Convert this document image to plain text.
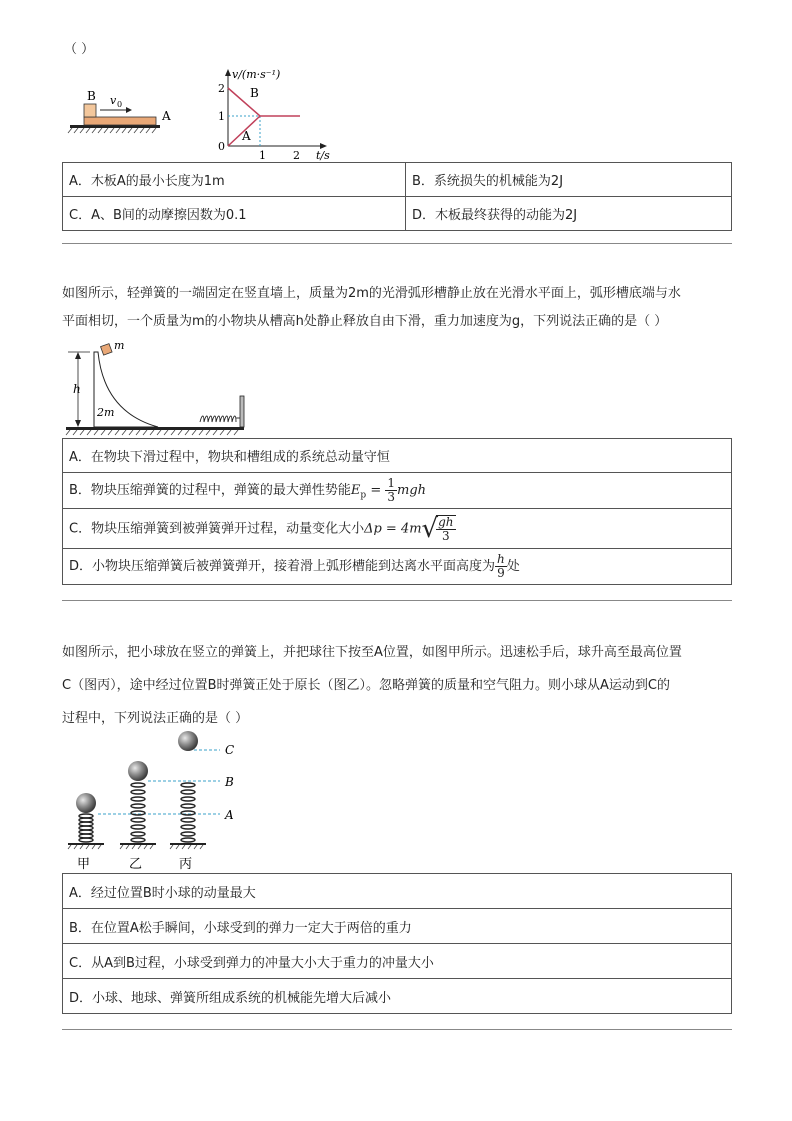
（ ）
B v 0
A
v/(m·s⁻¹)
t/s
2
1
0
1 2
B
A
A．木板A的最小长度为1m	B．系统损失的机械能为2J
C．A、B间的动摩擦因数为0.1	D．木板最终获得的动能为2J
如图所示，轻弹簧的一端固定在竖直墙上，质量为2m的光滑弧形槽静止放在光滑水平面上，弧形槽底端与水
平面相切，一个质量为m的小物块从槽高h处静止释放自由下滑，重力加速度为g，下列说法正确的是（ ）
h
m
2m
A．在物块下滑过程中，物块和槽组成的系统总动量守恒
B．物块压缩弹簧的过程中，弹簧的最大弹性势能$E_p = \frac{1}{3}$ mgh
C．物块压缩弹簧到被弹簧弹开过程，动量变化大小Δp = 4m√
$\frac{gh}{3}$

D．小物块压缩弹簧后被弹簧弹开，接着滑上弧形槽能到达离水平面高度为 $\frac{h}{9}$ 处
如图所示，把小球放在竖立的弹簧上，并把球往下按至A位置，如图甲所示。迅速松手后，球升高至最高位置
C（图丙），途中经过位置B时弹簧正处于原长（图乙）。忽略弹簧的质量和空气阻力。则小球从A运动到C的
过程中，下列说法正确的是（ ）
C
B
A
甲	乙	丙
A．经过位置B时小球的动量最大
B．在位置A松手瞬间，小球受到的弹力一定大于两倍的重力
C．从A到B过程，小球受到弹力的冲量大小大于重力的冲量大小
D．小球、地球、弹簧所组成系统的机械能先增大后减小
